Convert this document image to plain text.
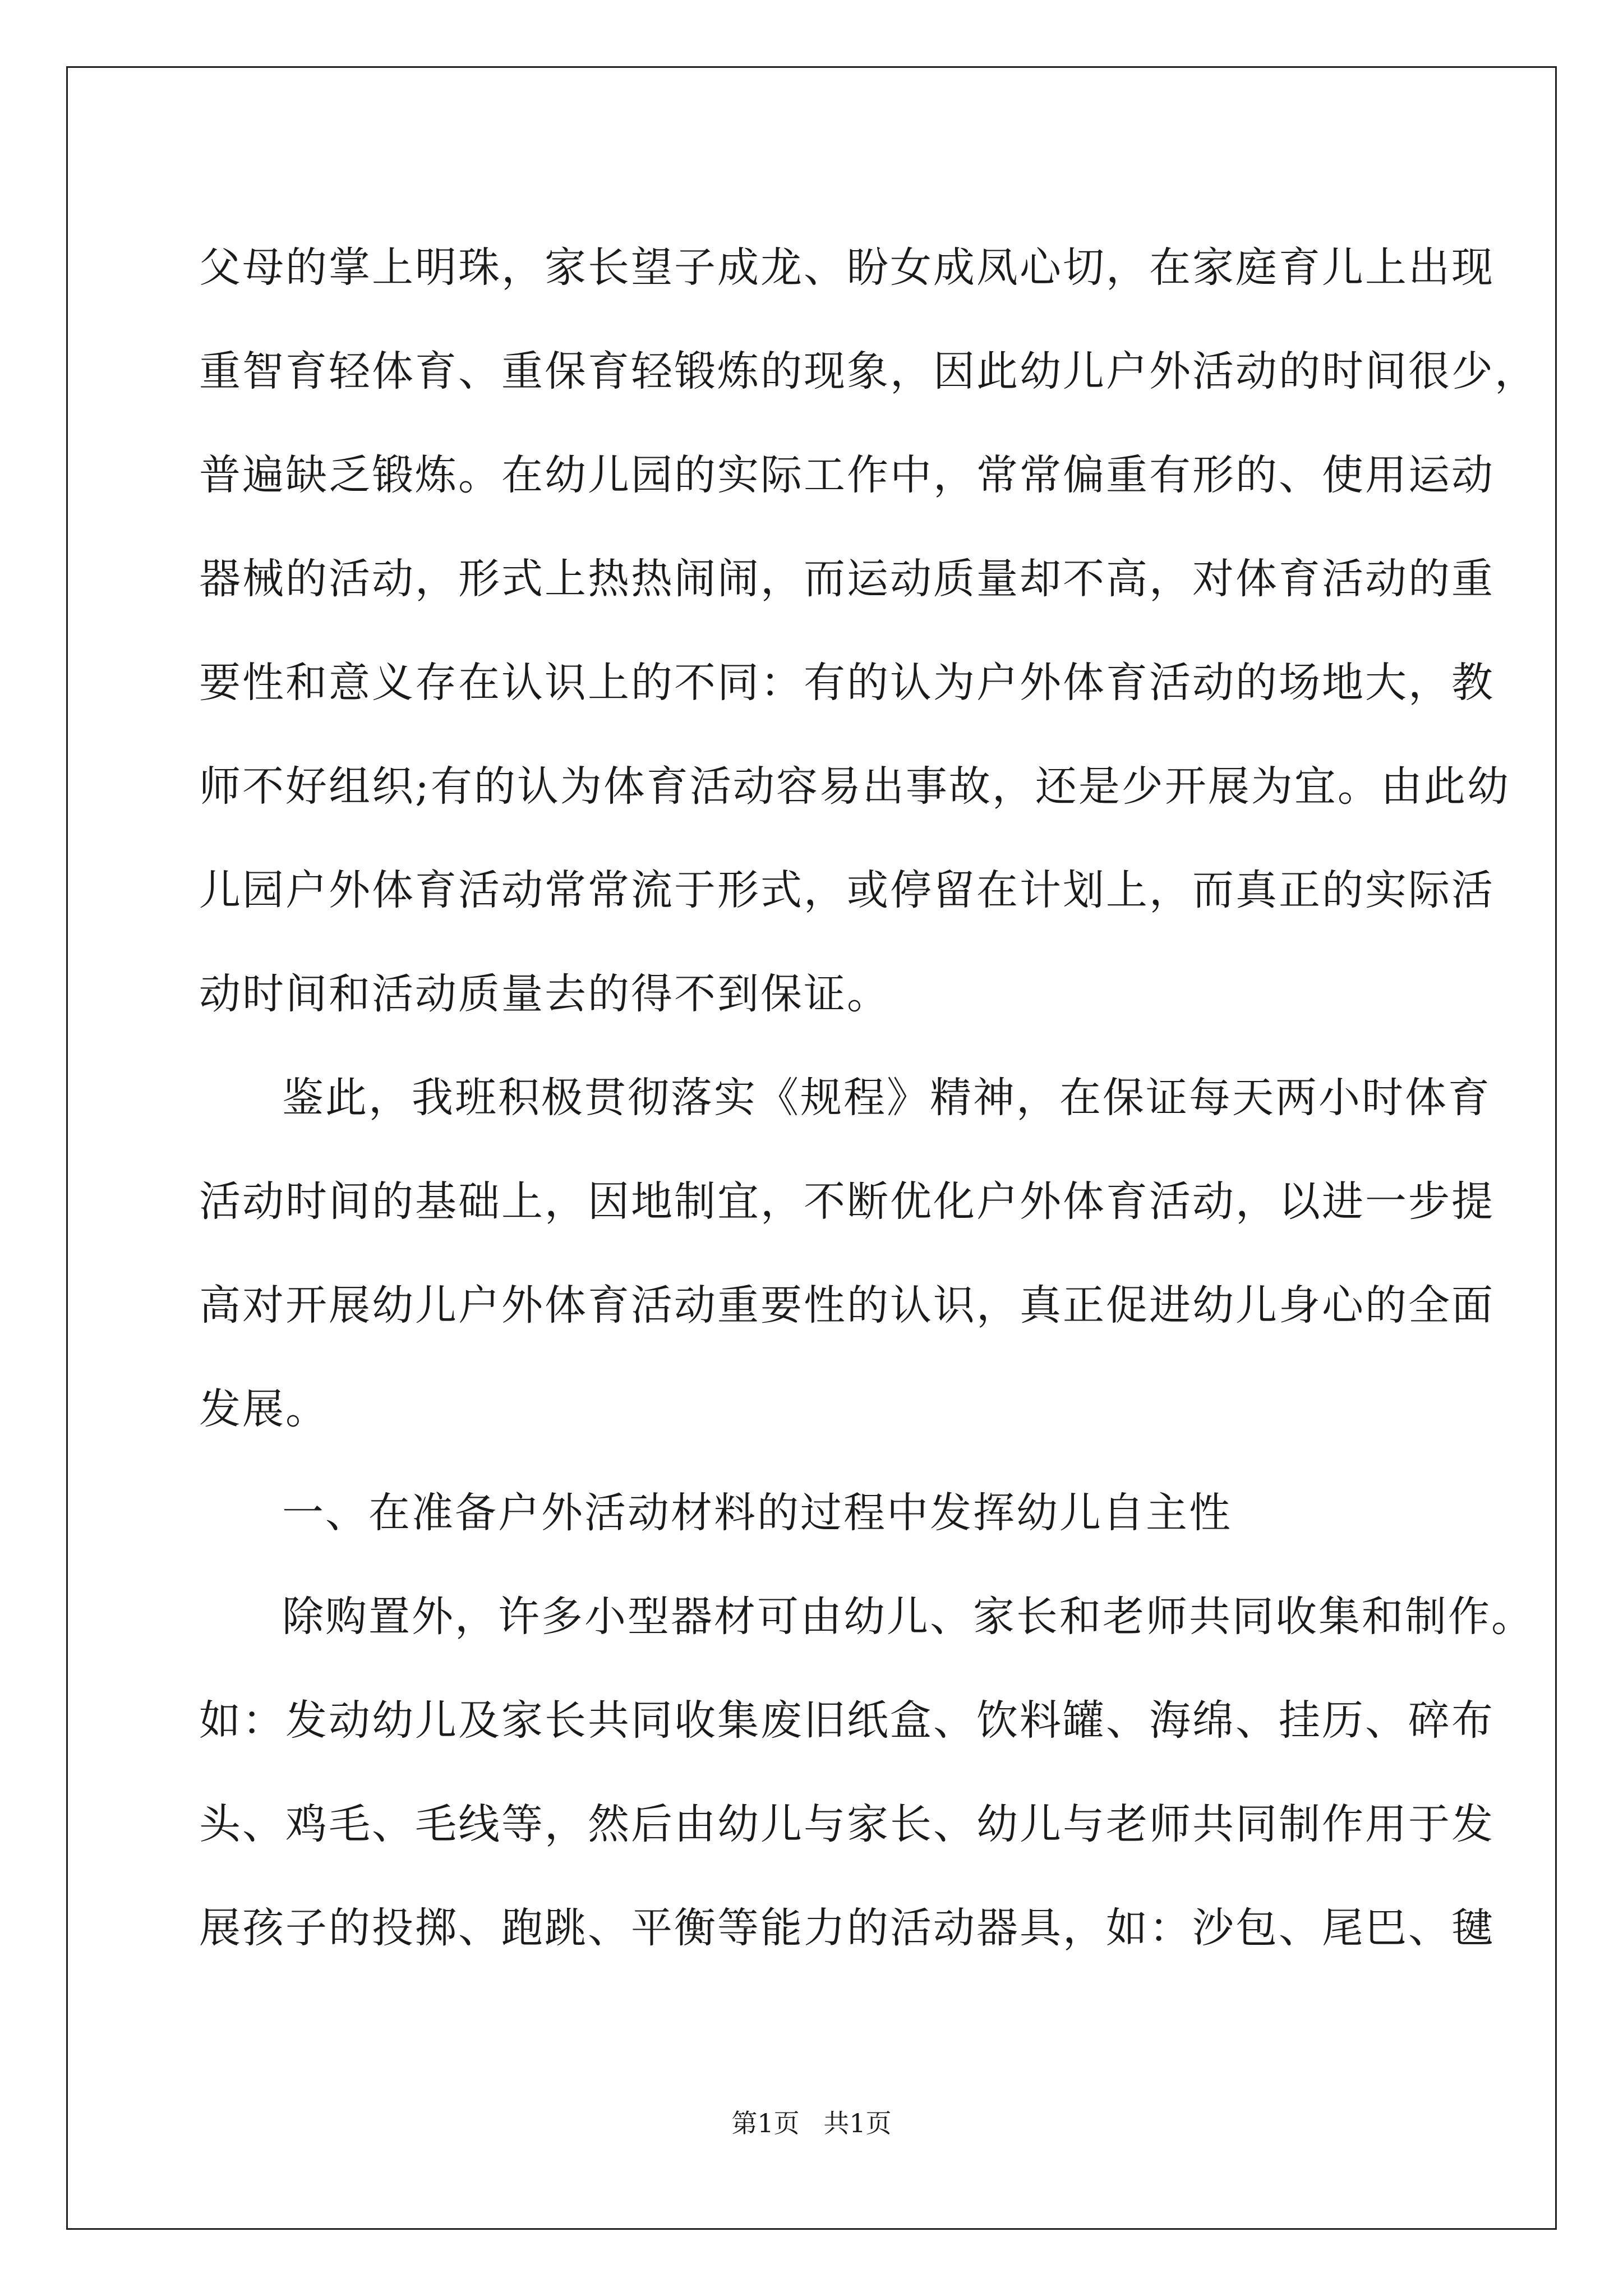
父母的掌上明珠，家长望子成龙、盼女成凤心切，在家庭育儿上出现
重智育轻体育、重保育轻锻炼的现象，因此幼儿户外活动的时间很少，
普遍缺乏锻炼。在幼儿园的实际工作中，常常偏重有形的、使用运动
器械的活动，形式上热热闹闹，而运动质量却不高，对体育活动的重
要性和意义存在认识上的不同：有的认为户外体育活动的场地大，教
师不好组织;有的认为体育活动容易出事故，还是少开展为宜。由此幼
儿园户外体育活动常常流于形式，或停留在计划上，而真正的实际活
动时间和活动质量去的得不到保证。
鉴此，我班积极贯彻落实《规程》精神，在保证每天两小时体育
活动时间的基础上，因地制宜，不断优化户外体育活动，以进一步提
高对开展幼儿户外体育活动重要性的认识，真正促进幼儿身心的全面
发展。
一、在准备户外活动材料的过程中发挥幼儿自主性
除购置外，许多小型器材可由幼儿、家长和老师共同收集和制作。
如：发动幼儿及家长共同收集废旧纸盒、饮料罐、海绵、挂历、碎布
头、鸡毛、毛线等，然后由幼儿与家长、幼儿与老师共同制作用于发
展孩子的投掷、跑跳、平衡等能力的活动器具，如：沙包、尾巴、毽
第1页 共1页
